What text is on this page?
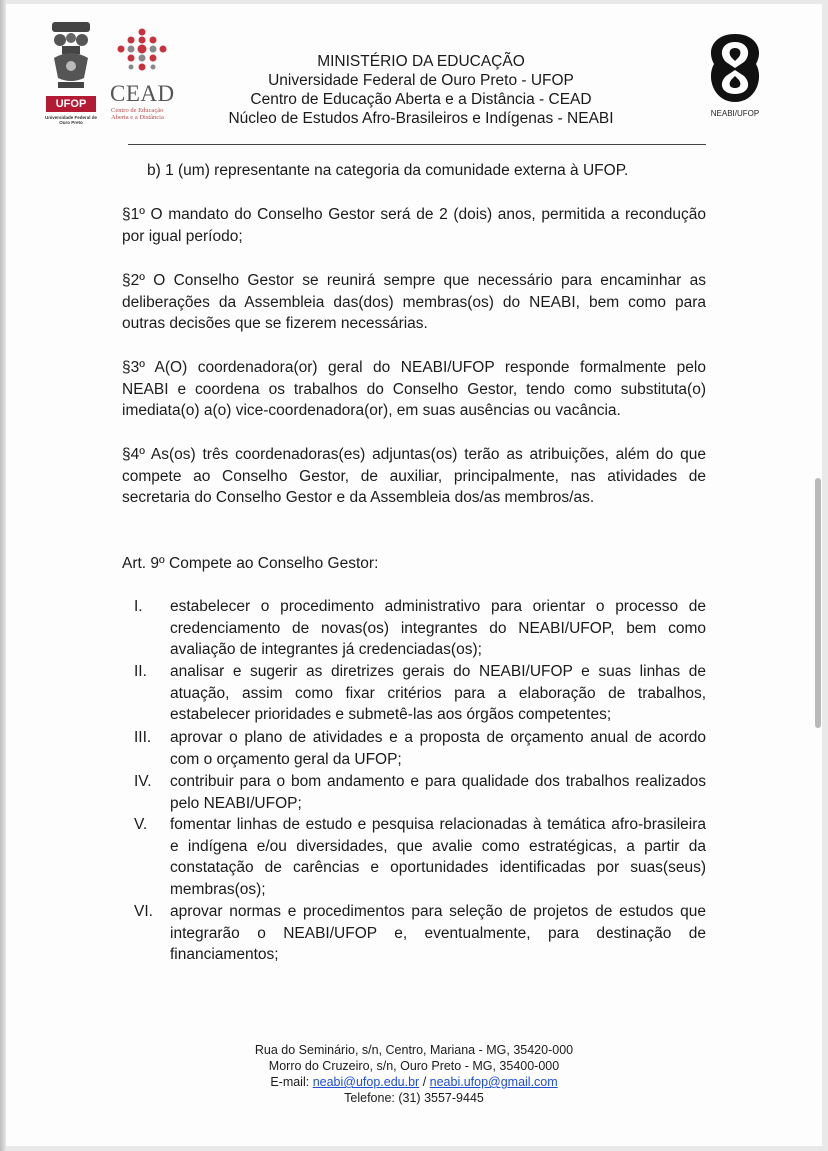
UFOP
Universidade Federal de Ouro Preto
CEAD
Centro de Educação
Aberta e a Distância
MINISTÉRIO DA EDUCAÇÃO
Universidade Federal de Ouro Preto - UFOP
Centro de Educação Aberta e a Distância - CEAD
Núcleo de Estudos Afro-Brasileiros e Indígenas - NEABI	NEABI/UFOP
b) 1 (um) representante na categoria da comunidade externa à UFOP.
§1º O mandato do Conselho Gestor será de 2 (dois) anos, permitida a recondução por igual período;
§2º O Conselho Gestor se reunirá sempre que necessário para encaminhar as deliberações da Assembleia das(dos) membras(os) do NEABI, bem como para outras decisões que se fizerem necessárias.
§3º A(O) coordenadora(or) geral do NEABI/UFOP responde formalmente pelo NEABI e coordena os trabalhos do Conselho Gestor, tendo como substituta(o) imediata(o) a(o) vice-coordenadora(or), em suas ausências ou vacância.
§4º As(os) três coordenadoras(es) adjuntas(os) terão as atribuições, além do que compete ao Conselho Gestor, de auxiliar, principalmente, nas atividades de secretaria do Conselho Gestor e da Assembleia dos/as membros/as.
Art. 9º Compete ao Conselho Gestor:
I.	estabelecer o procedimento administrativo para orientar o processo de credenciamento de novas(os) integrantes do NEABI/UFOP, bem como avaliação de integrantes já credenciadas(os);
II.	analisar e sugerir as diretrizes gerais do NEABI/UFOP e suas linhas de atuação, assim como fixar critérios para a elaboração de trabalhos, estabelecer prioridades e submetê-las aos órgãos competentes;
III.	aprovar o plano de atividades e a proposta de orçamento anual de acordo com o orçamento geral da UFOP;
IV.	contribuir para o bom andamento e para qualidade dos trabalhos realizados pelo NEABI/UFOP;
V.	fomentar linhas de estudo e pesquisa relacionadas à temática afro-brasileira e indígena e/ou diversidades, que avalie como estratégicas, a partir da constatação de carências e oportunidades identificadas por suas(seus) membras(os);
VI.	aprovar normas e procedimentos para seleção de projetos de estudos que integrarão o NEABI/UFOP e, eventualmente, para destinação de financiamentos;
Rua do Seminário, s/n, Centro, Mariana - MG, 35420-000
Morro do Cruzeiro, s/n, Ouro Preto - MG, 35400-000
E-mail: neabi@ufop.edu.br / neabi.ufop@gmail.com
Telefone: (31) 3557-9445
